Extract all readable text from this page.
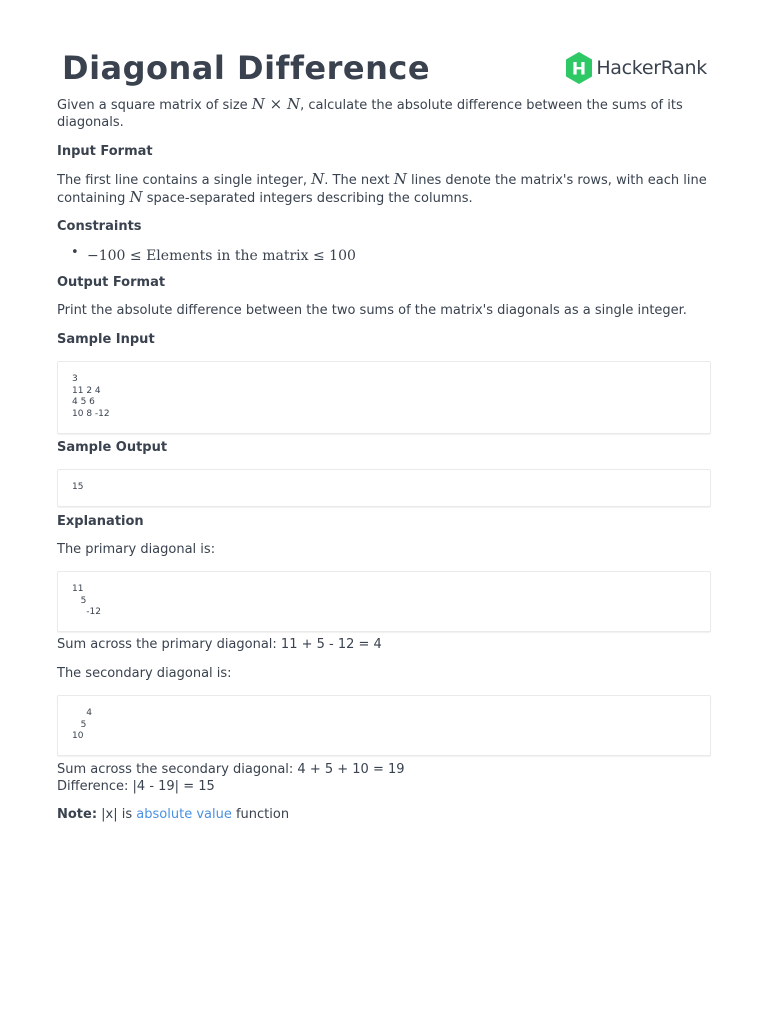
Diagonal Difference	H HackerRank

Given a square matrix of size N × N, calculate the absolute difference between the sums of its

diagonals.

Input Format

The first line contains a single integer, N. The next N lines denote the matrix's rows, with each line

containing N space-separated integers describing the columns.

Constraints

• −100 ≤ Elements in the matrix ≤ 100

Output Format

Print the absolute difference between the two sums of the matrix's diagonals as a single integer.

Sample Input

3
11 2 4
4 5 6
10 8 -12

Sample Output

15

Explanation

The primary diagonal is:

11
5
-12

Sum across the primary diagonal: 11 + 5 - 12 = 4

The secondary diagonal is:

4
5
10

Sum across the secondary diagonal: 4 + 5 + 10 = 19

Difference: |4 - 19| = 15

Note: |x| is absolute value function
